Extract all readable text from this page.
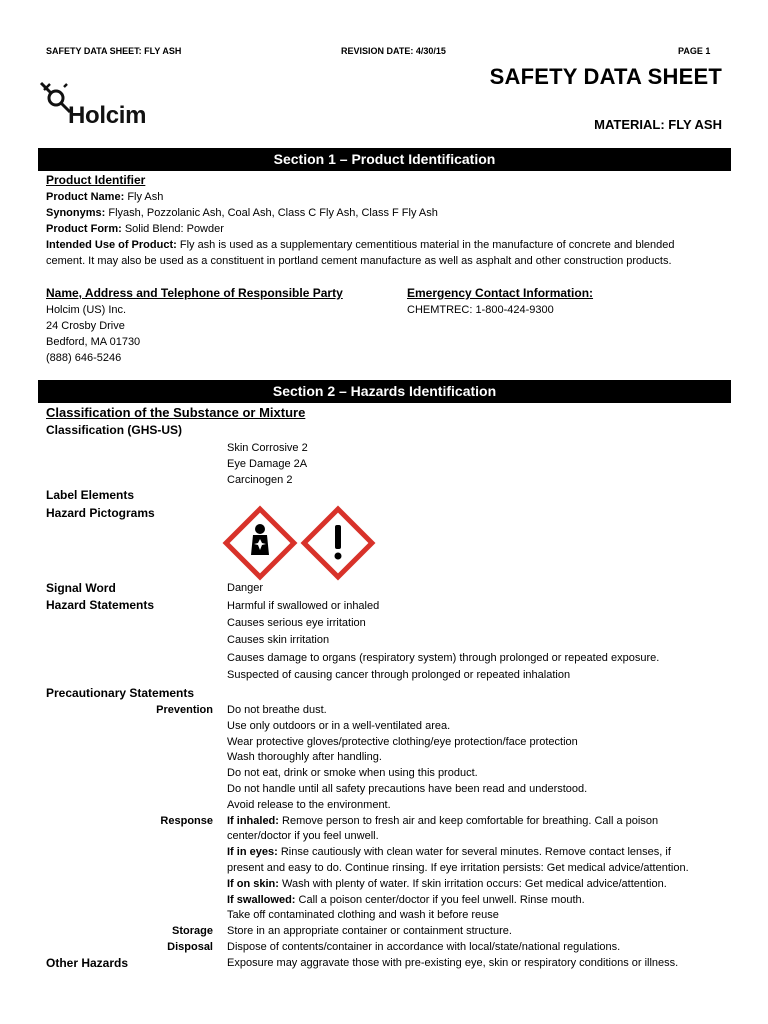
SAFETY DATA SHEET: FLY ASH	REVISION DATE: 4/30/15	PAGE 1
SAFETY DATA SHEET
MATERIAL: FLY ASH
Holcim
Section 1 – Product Identification
Product Identifier
Product Name: Fly Ash
Synonyms: Flyash, Pozzolanic Ash, Coal Ash, Class C Fly Ash, Class F Fly Ash
Product Form: Solid Blend: Powder
Intended Use of Product: Fly ash is used as a supplementary cementitious material in the manufacture of concrete and blended
cement. It may also be used as a constituent in portland cement manufacture as well as asphalt and other construction products.
Name, Address and Telephone of Responsible Party
Holcim (US) Inc.
24 Crosby Drive
Bedford, MA 01730
(888) 646-5246
Emergency Contact Information:
CHEMTREC: 1-800-424-9300
Section 2 – Hazards Identification
Classification of the Substance or Mixture
Classification (GHS-US)
Skin Corrosive 2
Eye Damage 2A
Carcinogen 2
Label Elements
Hazard Pictograms
Signal Word	Danger
Hazard Statements	Harmful if swallowed or inhaled
Causes serious eye irritation
Causes skin irritation
Causes damage to organs (respiratory system) through prolonged or repeated exposure.
Suspected of causing cancer through prolonged or repeated inhalation
Precautionary Statements
Prevention Do not breathe dust.
Use only outdoors or in a well-ventilated area.
Wear protective gloves/protective clothing/eye protection/face protection
Wash thoroughly after handling.
Do not eat, drink or smoke when using this product.
Do not handle until all safety precautions have been read and understood.
Avoid release to the environment.
Response If inhaled: Remove person to fresh air and keep comfortable for breathing. Call a poison
center/doctor if you feel unwell.
If in eyes: Rinse cautiously with clean water for several minutes. Remove contact lenses, if
present and easy to do. Continue rinsing. If eye irritation persists: Get medical advice/attention.
If on skin: Wash with plenty of water. If skin irritation occurs: Get medical advice/attention.
If swallowed: Call a poison center/doctor if you feel unwell. Rinse mouth.
Take off contaminated clothing and wash it before reuse
Storage Store in an appropriate container or containment structure.
Disposal Dispose of contents/container in accordance with local/state/national regulations.
Other Hazards	Exposure may aggravate those with pre-existing eye, skin or respiratory conditions or illness.
